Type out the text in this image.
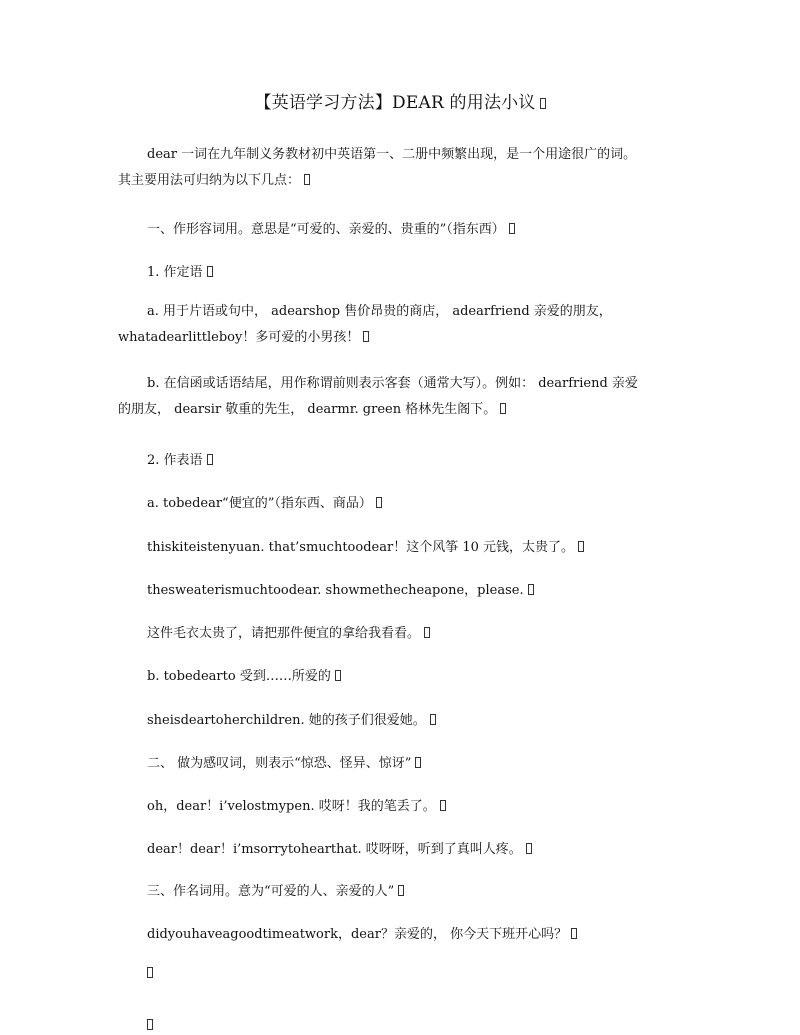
【英语学习方法】DEAR 的用法小议
dear 一词在九年制义务教材初中英语第一、二册中频繁出现，是一个用途很广的词。
其主要用法可归纳为以下几点：
一、作形容词用。意思是“可爱的、亲爱的、贵重的”（指东西）
1. 作定语
a. 用于片语或句中， adearshop 售价昂贵的商店， adearfriend 亲爱的朋友，
whatadearlittleboy！多可爱的小男孩！
b. 在信函或话语结尾，用作称谓前则表示客套（通常大写）。例如： dearfriend 亲爱
的朋友， dearsir 敬重的先生， dearmr. green 格林先生阁下。
2. 作表语
a. tobedear“便宜的”（指东西、商品）
thiskiteistenyuan. that’smuchtoodear！这个风筝 10 元钱，太贵了。
thesweaterismuchtoodear. showmethecheapone，please.
这件毛衣太贵了，请把那件便宜的拿给我看看。
b. tobedearto 受到……所爱的
sheisdeartoherchildren. 她的孩子们很爱她。
二、 做为感叹词，则表示“惊恐、怪异、惊讶”
oh，dear！i’velostmypen. 哎呀！我的笔丢了。
dear！dear！i’msorrytohearthat. 哎呀呀，听到了真叫人疼。
三、作名词用。意为“可爱的人、亲爱的人”
didyouhaveagoodtimeatwork，dear？亲爱的， 你今天下班开心吗？
